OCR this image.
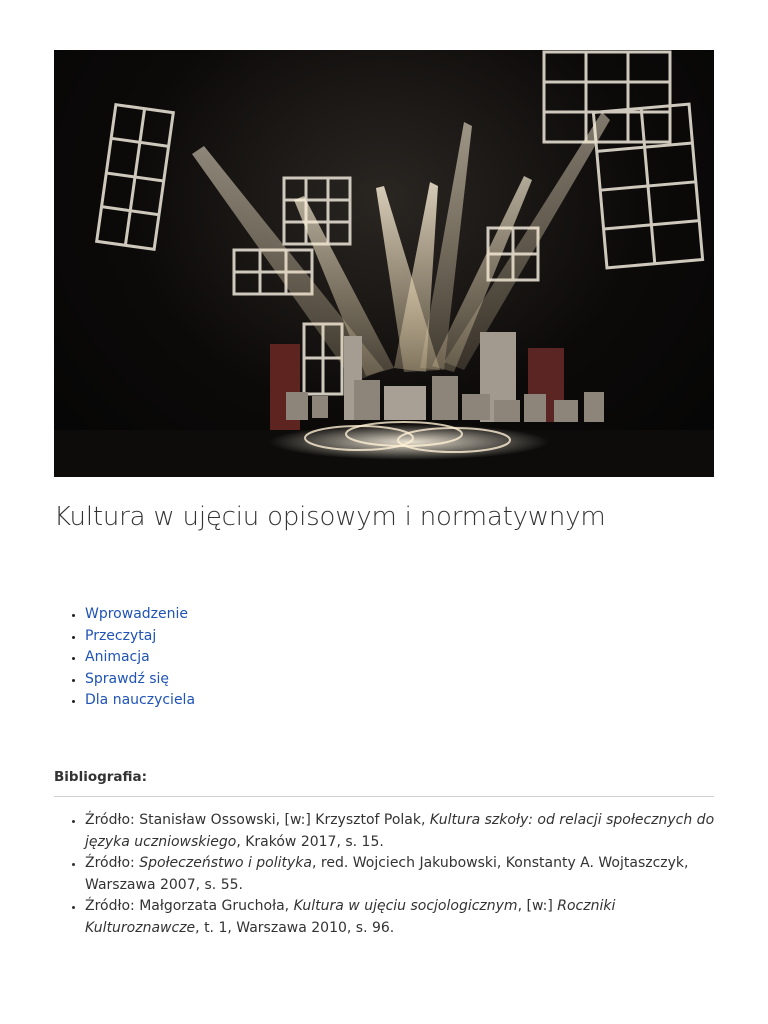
Kultura w ujęciu opisowym i normatywnym
• Wprowadzenie
• Przeczytaj
• Animacja
• Sprawdź się
• Dla nauczyciela

Bibliografia:

• Źródło: Stanisław Ossowski, [w:] Krzysztof Polak, Kultura szkoły: od relacji społecznych do języka uczniowskiego, Kraków 2017, s. 15.
• Źródło: Społeczeństwo i polityka, red. Wojciech Jakubowski, Konstanty A. Wojtaszczyk, Warszawa 2007, s. 55.
• Źródło: Małgorzata Gruchoła, Kultura w ujęciu socjologicznym, [w:] Roczniki Kulturoznawcze, t. 1, Warszawa 2010, s. 96.
